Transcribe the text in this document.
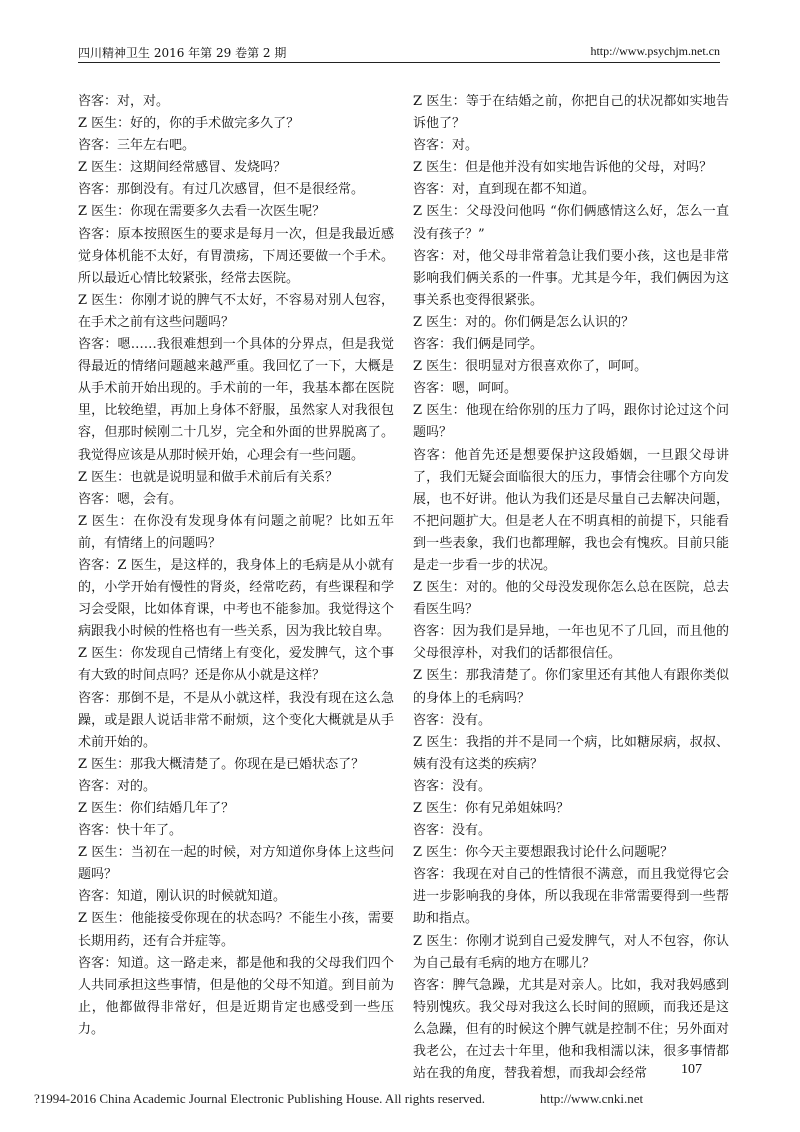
四川精神卫生 2016 年第 29 卷第 2 期	http://www.psychjm.net.cn

咨客：对，对。

Z 医生：好的，你的手术做完多久了？

咨客：三年左右吧。

Z 医生：这期间经常感冒、发烧吗？

咨客：那倒没有。有过几次感冒，但不是很经常。

Z 医生：你现在需要多久去看一次医生呢？

咨客：原本按照医生的要求是每月一次，但是我最近感觉身体机能不太好，有胃溃疡，下周还要做一个手术。所以最近心情比较紧张，经常去医院。

Z 医生：你刚才说的脾气不太好，不容易对别人包容，在手术之前有这些问题吗？

咨客：嗯……我很难想到一个具体的分界点，但是我觉得最近的情绪问题越来越严重。我回忆了一下，大概是从手术前开始出现的。手术前的一年，我基本都在医院里，比较绝望，再加上身体不舒服，虽然家人对我很包容，但那时候刚二十几岁，完全和外面的世界脱离了。我觉得应该是从那时候开始，心理会有一些问题。

Z 医生：也就是说明显和做手术前后有关系？

咨客：嗯，会有。

Z 医生：在你没有发现身体有问题之前呢？比如五年前，有情绪上的问题吗？

咨客：Z 医生，是这样的，我身体上的毛病是从小就有的，小学开始有慢性的肾炎，经常吃药，有些课程和学习会受限，比如体育课，中考也不能参加。我觉得这个病跟我小时候的性格也有一些关系，因为我比较自卑。

Z 医生：你发现自己情绪上有变化，爱发脾气，这个事有大致的时间点吗？还是你从小就是这样？

咨客：那倒不是，不是从小就这样，我没有现在这么急躁，或是跟人说话非常不耐烦，这个变化大概就是从手术前开始的。

Z 医生：那我大概清楚了。你现在是已婚状态了？

咨客：对的。

Z 医生：你们结婚几年了？

咨客：快十年了。

Z 医生：当初在一起的时候，对方知道你身体上这些问题吗？

咨客：知道，刚认识的时候就知道。

Z 医生：他能接受你现在的状态吗？不能生小孩，需要长期用药，还有合并症等。

咨客：知道。这一路走来，都是他和我的父母我们四个人共同承担这些事情，但是他的父母不知道。到目前为止，他都做得非常好，但是近期肯定也感受到一些压力。

Z 医生：等于在结婚之前，你把自己的状况都如实地告诉他了？

咨客：对。

Z 医生：但是他并没有如实地告诉他的父母，对吗？

咨客：对，直到现在都不知道。

Z 医生：父母没问他吗 “你们俩感情这么好，怎么一直没有孩子？”

咨客：对，他父母非常着急让我们要小孩，这也是非常影响我们俩关系的一件事。尤其是今年，我们俩因为这事关系也变得很紧张。

Z 医生：对的。你们俩是怎么认识的？

咨客：我们俩是同学。

Z 医生：很明显对方很喜欢你了，呵呵。

咨客：嗯，呵呵。

Z 医生：他现在给你别的压力了吗，跟你讨论过这个问题吗？

咨客：他首先还是想要保护这段婚姻，一旦跟父母讲了，我们无疑会面临很大的压力，事情会往哪个方向发展，也不好讲。他认为我们还是尽量自己去解决问题，不把问题扩大。但是老人在不明真相的前提下，只能看到一些表象，我们也都理解，我也会有愧疚。目前只能是走一步看一步的状况。

Z 医生：对的。他的父母没发现你怎么总在医院，总去看医生吗？

咨客：因为我们是异地，一年也见不了几回，而且他的父母很淳朴，对我们的话都很信任。

Z 医生：那我清楚了。你们家里还有其他人有跟你类似的身体上的毛病吗？

咨客：没有。

Z 医生：我指的并不是同一个病，比如糖尿病，叔叔、姨有没有这类的疾病？

咨客：没有。

Z 医生：你有兄弟姐妹吗？

咨客：没有。

Z 医生：你今天主要想跟我讨论什么问题呢？

咨客：我现在对自己的性情很不满意，而且我觉得它会进一步影响我的身体，所以我现在非常需要得到一些帮助和指点。

Z 医生：你刚才说到自己爱发脾气，对人不包容，你认为自己最有毛病的地方在哪儿？

咨客：脾气急躁，尤其是对亲人。比如，我对我妈感到特别愧疚。我父母对我这么长时间的照顾，而我还是这么急躁，但有的时候这个脾气就是控制不住；另外面对我老公，在过去十年里，他和我相濡以沫，很多事情都站在我的角度，替我着想，而我却会经常	107
?1994-2016 China Academic Journal Electronic Publishing House. All rights reserved.	http://www.cnki.net
